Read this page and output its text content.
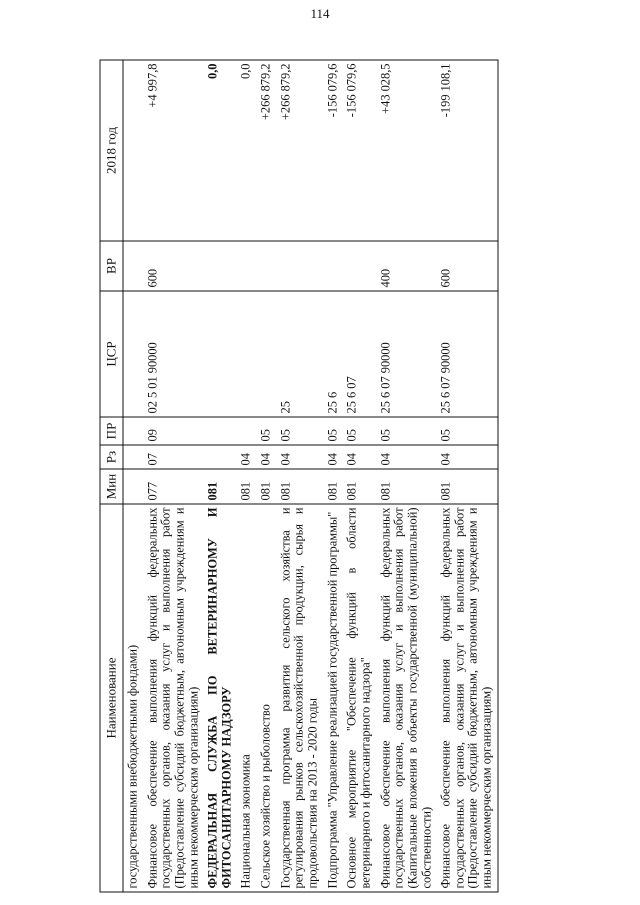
114
Наименование	Мин	Рз	ПР	ЦСР	ВР	2018 год
государственными внебюджетными фондами)						
Финансовое обеспечение выполнения функций федеральных государственных органов, оказания услуг и выполнения работ (Предоставление субсидий бюджетным, автономным учреждениям и иным некоммерческим организациям)	077	07	09	02 5 01 90000	600	+4 997,8
ФЕДЕРАЛЬНАЯ СЛУЖБА ПО ВЕТЕРИНАРНОМУ И ФИТОСАНИТАРНОМУ НАДЗОРУ	081					0,0
Национальная экономика	081	04				0,0
Сельское хозяйство и рыболовство	081	04	05			+266 879,2
Государственная программа развития сельского хозяйства и регулирования рынков сельскохозяйственной продукции, сырья и продовольствия на 2013 - 2020 годы	081	04	05	25		+266 879,2
Подпрограмма "Управление реализацией государственной программы"	081	04	05	25 6		-156 079,6
Основное мероприятие "Обеспечение функций в области ветеринарного и фитосанитарного надзора"	081	04	05	25 6 07		-156 079,6
Финансовое обеспечение выполнения функций федеральных государственных органов, оказания услуг и выполнения работ (Капитальные вложения в объекты государственной (муниципальной) собственности)	081	04	05	25 6 07 90000	400	+43 028,5
Финансовое обеспечение выполнения функций федеральных государственных органов, оказания услуг и выполнения работ (Предоставление субсидий бюджетным, автономным учреждениям и иным некоммерческим организациям)	081	04	05	25 6 07 90000	600	-199 108,1
